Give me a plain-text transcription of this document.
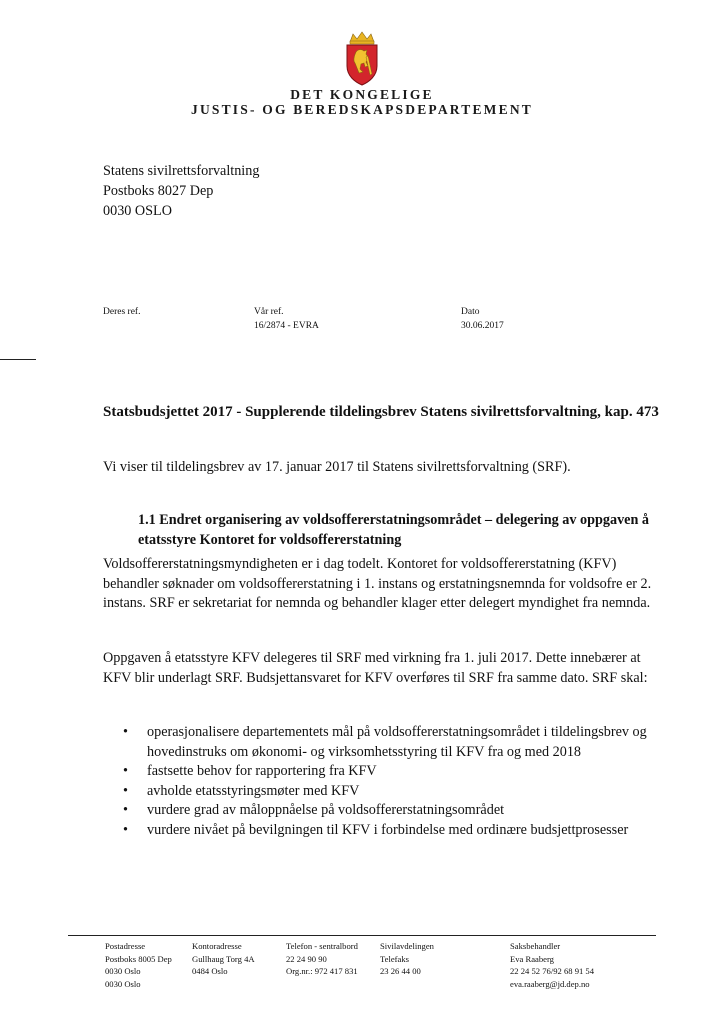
DET KONGELIGE
JUSTIS- OG BEREDSKAPSDEPARTEMENT
Statens sivilrettsforvaltning
Postboks 8027 Dep
0030 OSLO
Deres ref.	Vår ref.
16/2874 - EVRA
Dato
30.06.2017
Statsbudsjettet 2017 - Supplerende tildelingsbrev Statens sivilrettsforvaltning, kap. 473
Vi viser til tildelingsbrev av 17. januar 2017 til Statens sivilrettsforvaltning (SRF).
1.1 Endret organisering av voldsoffererstatningsområdet – delegering av oppgaven å etatsstyre Kontoret for voldsoffererstatning
Voldsoffererstatningsmyndigheten er i dag todelt. Kontoret for voldsoffererstatning (KFV) behandler søknader om voldsoffererstatning i 1. instans og erstatningsnemnda for voldsofre er 2. instans. SRF er sekretariat for nemnda og behandler klager etter delegert myndighet fra nemnda.
Oppgaven å etatsstyre KFV delegeres til SRF med virkning fra 1. juli 2017. Dette innebærer at KFV blir underlagt SRF. Budsjettansvaret for KFV overføres til SRF fra samme dato. SRF skal:
• operasjonalisere departementets mål på voldsoffererstatningsområdet i tildelingsbrev og hovedinstruks om økonomi- og virksomhetsstyring til KFV fra og med 2018
• fastsette behov for rapportering fra KFV
• avholde etatsstyringsmøter med KFV
• vurdere grad av måloppnåelse på voldsoffererstatningsområdet
• vurdere nivået på bevilgningen til KFV i forbindelse med ordinære budsjettprosesser
Postadresse
Postboks 8005 Dep
0030 Oslo
0030 Oslo
Kontoradresse
Gullhaug Torg 4A
0484 Oslo
Telefon - sentralbord
22 24 90 90
Org.nr.: 972 417 831
Sivilavdelingen
Telefaks
23 26 44 00
Saksbehandler
Eva Raaberg
22 24 52 76/92 68 91 54
eva.raaberg@jd.dep.no
